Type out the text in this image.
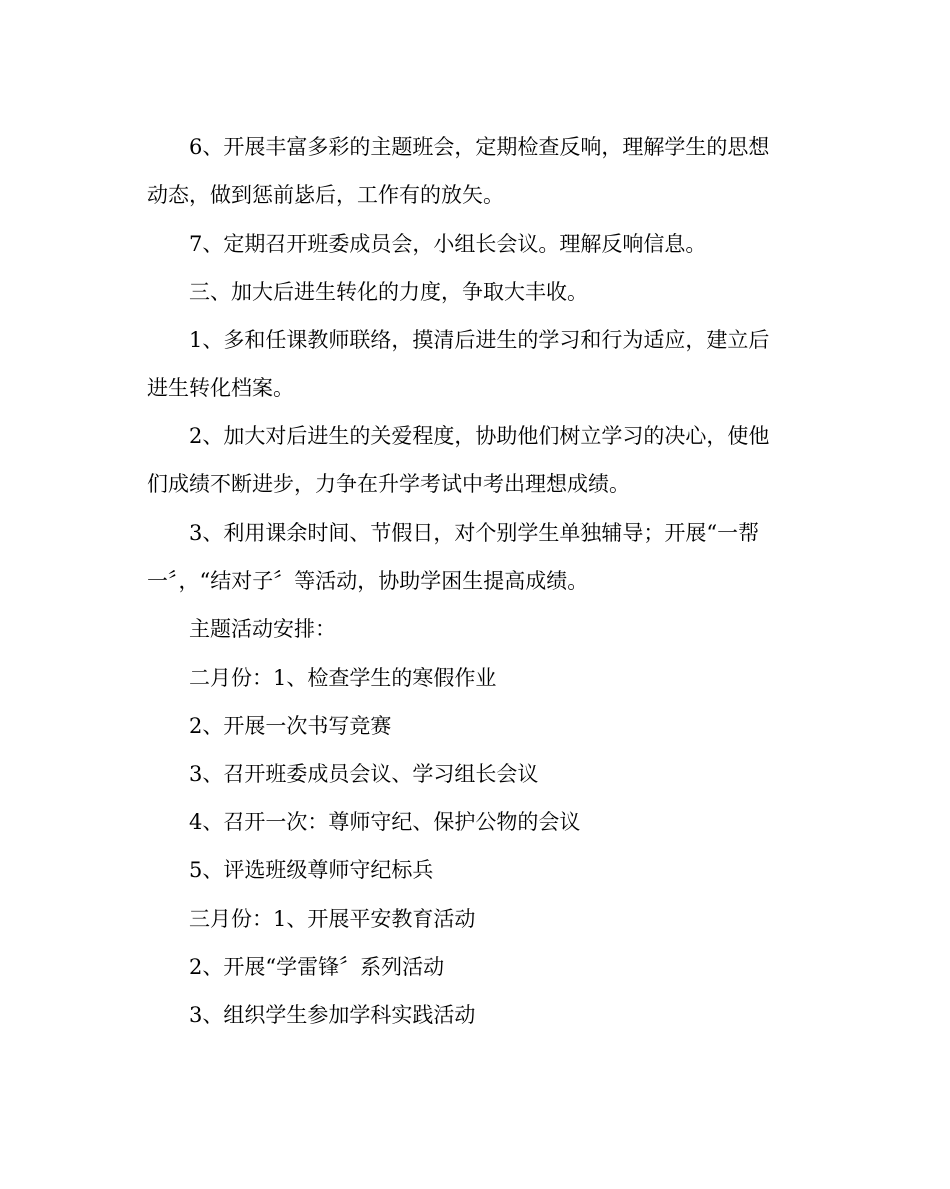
6、开展丰富多彩的主题班会，定期检查反响，理解学生的思想
动态，做到惩前毖后，工作有的放矢。
7、定期召开班委成员会，小组长会议。理解反响信息。
三、加大后进生转化的力度，争取大丰收。
1、多和任课教师联络，摸清后进生的学习和行为适应，建立后
进生转化档案。
2、加大对后进生的关爱程度，协助他们树立学习的决心，使他
们成绩不断进步，力争在升学考试中考出理想成绩。
3、利用课余时间、节假日，对个别学生单独辅导；开展“一帮
一〞，“结对子〞等活动，协助学困生提高成绩。
主题活动安排：
二月份：1、检查学生的寒假作业
2、开展一次书写竞赛
3、召开班委成员会议、学习组长会议
4、召开一次：尊师守纪、保护公物的会议
5、评选班级尊师守纪标兵
三月份：1、开展平安教育活动
2、开展“学雷锋〞系列活动
3、组织学生参加学科实践活动
